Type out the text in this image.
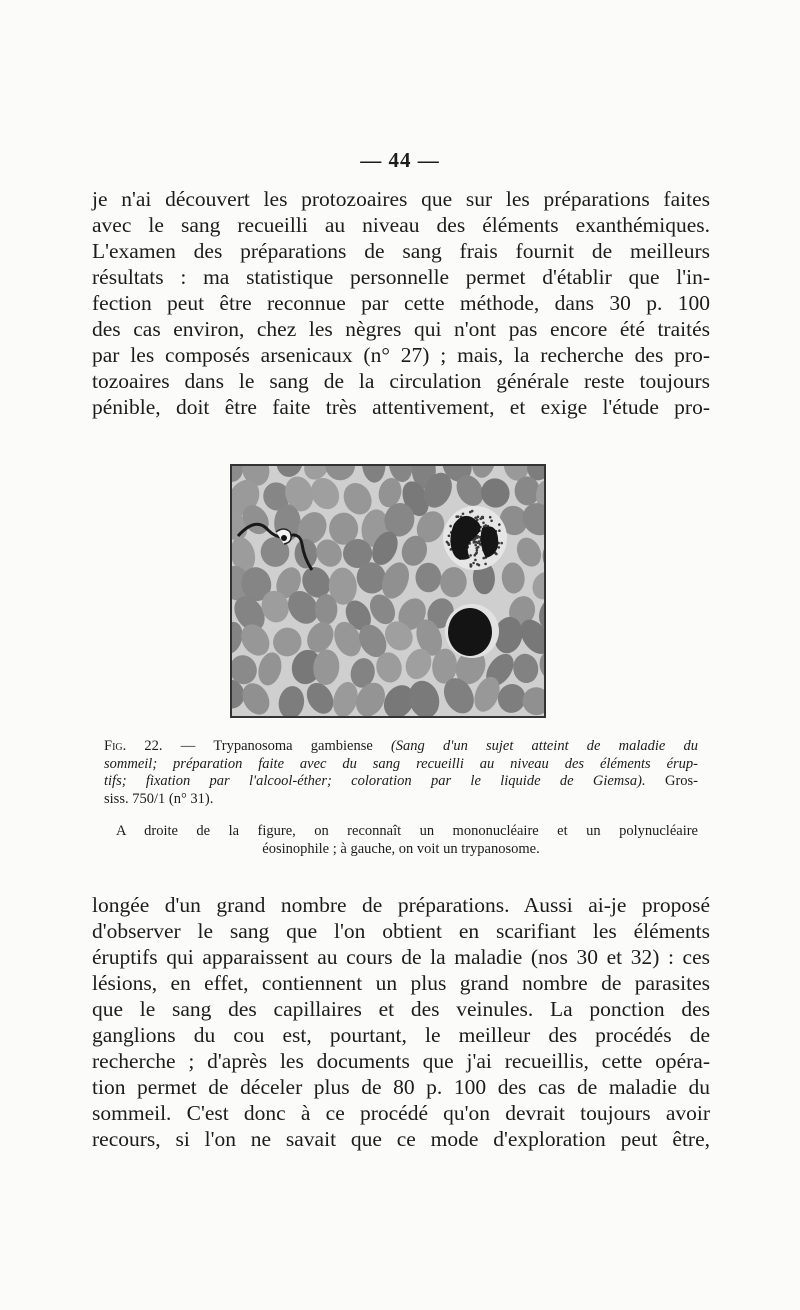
— 44 —
je n'ai découvert les protozoaires que sur les préparations faites
avec le sang recueilli au niveau des éléments exanthémiques.
L'examen des préparations de sang frais fournit de meilleurs
résultats : ma statistique personnelle permet d'établir que l'in-
fection peut être reconnue par cette méthode, dans 30 p. 100
des cas environ, chez les nègres qui n'ont pas encore été traités
par les composés arsenicaux (n° 27) ; mais, la recherche des pro-
tozoaires dans le sang de la circulation générale reste toujours
pénible, doit être faite très attentivement, et exige l'étude pro-
Fig. 22. — Trypanosoma gambiense (Sang d'un sujet atteint de maladie du
sommeil; préparation faite avec du sang recueilli au niveau des éléments érup-
tifs; fixation par l'alcool-éther; coloration par le liquide de Giemsa). Gros-
siss. 750/1 (n° 31).
A droite de la figure, on reconnaît un mononucléaire et un polynucléaire
éosinophile ; à gauche, on voit un trypanosome.
longée d'un grand nombre de préparations. Aussi ai-je proposé
d'observer le sang que l'on obtient en scarifiant les éléments
éruptifs qui apparaissent au cours de la maladie (nos 30 et 32) : ces
lésions, en effet, contiennent un plus grand nombre de parasites
que le sang des capillaires et des veinules. La ponction des
ganglions du cou est, pourtant, le meilleur des procédés de
recherche ; d'après les documents que j'ai recueillis, cette opéra-
tion permet de déceler plus de 80 p. 100 des cas de maladie du
sommeil. C'est donc à ce procédé qu'on devrait toujours avoir
recours, si l'on ne savait que ce mode d'exploration peut être,
